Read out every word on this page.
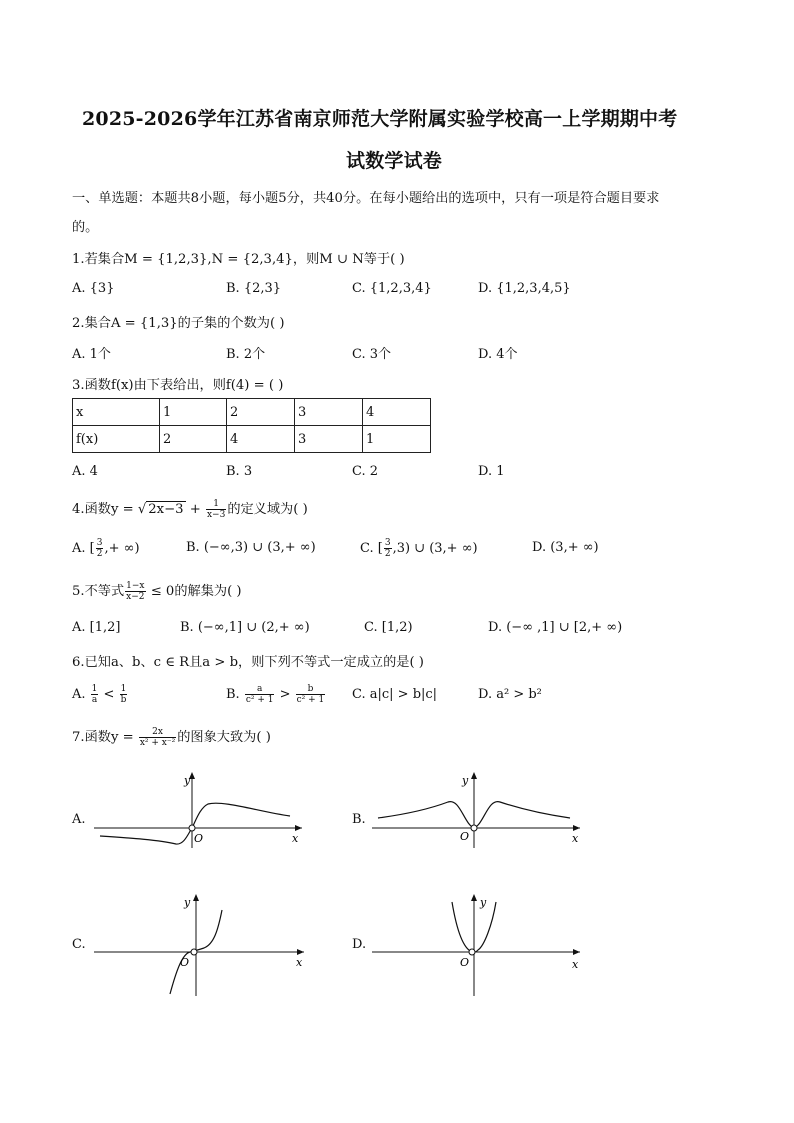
2025-2026学年江苏省南京师范大学附属实验学校高一上学期期中考
试数学试卷
一、单选题：本题共8小题，每小题5分，共40分。在每小题给出的选项中，只有一项是符合题目要求
的。
1.若集合M = {1,2,3},N = {2,3,4}，则M ∪ N等于( )
A. {3}	B. {2,3}	C. {1,2,3,4}	D. {1,2,3,4,5}
2.集合A = {1,3}的子集的个数为( )
A. 1个	B. 2个	C. 3个	D. 4个
3.函数f(x)由下表给出，则f(4) = ( )
x	1	2	3	4
f(x)	2	4	3	1
A. 4	B. 3	C. 2	D. 1
4.函数y = √ $2x-3 + \frac{1}{x-3}$ 的定义域为( )
A. [ $\frac{3}{2}$ ,+ ∞)	B. (−∞,3) ∪ (3,+ ∞)	C. [ $\frac{3}{2} ,3$) ∪ (3,+ ∞)	D. (3,+ ∞)
5.不等式 $\frac{1-x}{x-2} \le 0$的解集为( )
A. [1,2]	B. (−∞,1] ∪ (2,+ ∞)	C. [1,2)	D. (−∞ ,1] ∪ [2,+ ∞)
6.已知a、b、c ∈ R且a > b，则下列不等式一定成立的是( )
A. $\frac{1}{a} < \frac{1}{b}$	B. $\frac{a}{\text{c² + 1}} > \frac{b}{\text{c² + 1}} C$. a|c| > b|c|	D. a² > b²
7.函数$y = \frac{2x}{\text{x² + x⁻²}}$ 的图象大致为( )
A.
y
x
O
B.
y
x
O
C.
y
x
O
D.
y
x
O
